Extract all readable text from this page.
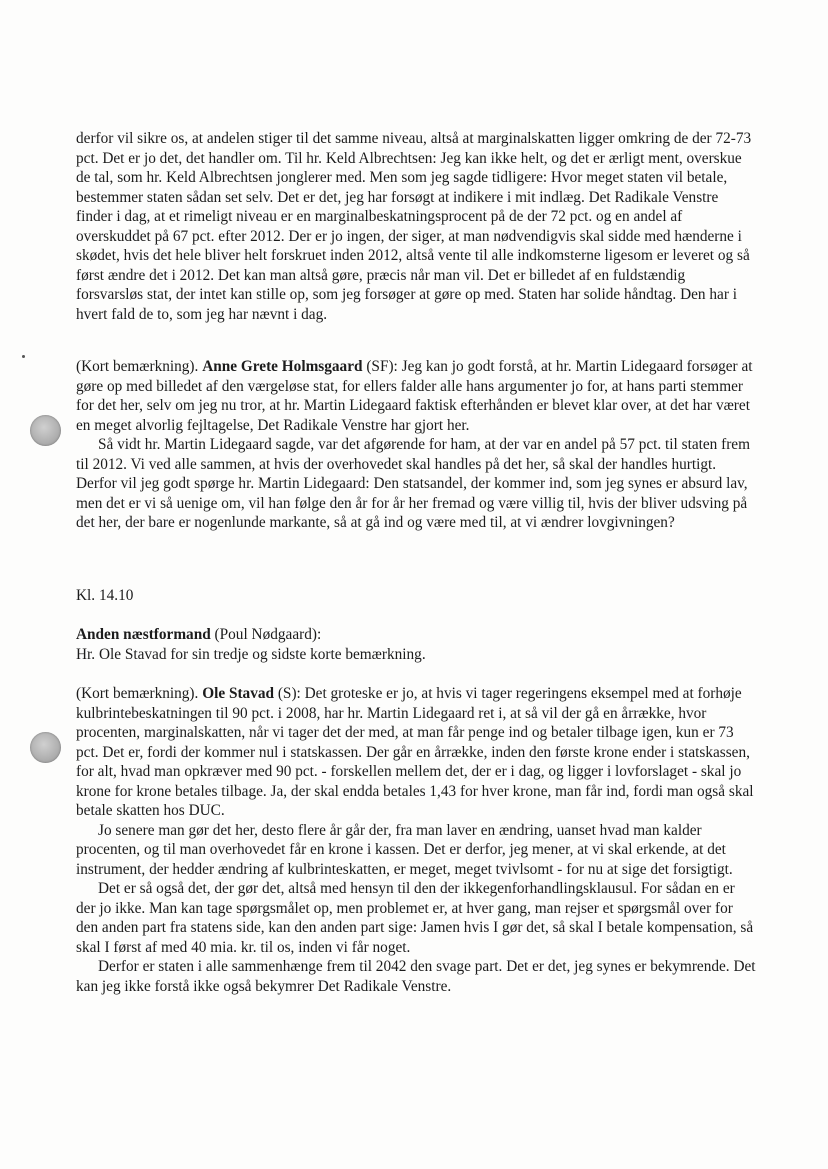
derfor vil sikre os, at andelen stiger til det samme niveau, altså at marginalskatten ligger omkring de der 72-73 pct. Det er jo det, det handler om. Til hr. Keld Albrechtsen: Jeg kan ikke helt, og det er ærligt ment, overskue de tal, som hr. Keld Albrechtsen jonglerer med. Men som jeg sagde tidligere: Hvor meget staten vil betale, bestemmer staten sådan set selv. Det er det, jeg har forsøgt at indikere i mit indlæg. Det Radikale Venstre finder i dag, at et rimeligt niveau er en marginalbeskatningsprocent på de der 72 pct. og en andel af overskuddet på 67 pct. efter 2012. Der er jo ingen, der siger, at man nødvendigvis skal sidde med hænderne i skødet, hvis det hele bliver helt forskruet inden 2012, altså vente til alle indkomsterne ligesom er leveret og så først ændre det i 2012. Det kan man altså gøre, præcis når man vil. Det er billedet af en fuldstændig forsvarsløs stat, der intet kan stille op, som jeg forsøger at gøre op med. Staten har solide håndtag. Den har i hvert fald de to, som jeg har nævnt i dag.

(Kort bemærkning). Anne Grete Holmsgaard (SF): Jeg kan jo godt forstå, at hr. Martin Lidegaard forsøger at gøre op med billedet af den værgeløse stat, for ellers falder alle hans argumenter jo for, at hans parti stemmer for det her, selv om jeg nu tror, at hr. Martin Lidegaard faktisk efterhånden er blevet klar over, at det har været en meget alvorlig fejltagelse, Det Radikale Venstre har gjort her.

Så vidt hr. Martin Lidegaard sagde, var det afgørende for ham, at der var en andel på 57 pct. til staten frem til 2012. Vi ved alle sammen, at hvis der overhovedet skal handles på det her, så skal der handles hurtigt. Derfor vil jeg godt spørge hr. Martin Lidegaard: Den statsandel, der kommer ind, som jeg synes er absurd lav, men det er vi så uenige om, vil han følge den år for år her fremad og være villig til, hvis der bliver udsving på det her, der bare er nogenlunde markante, så at gå ind og være med til, at vi ændrer lovgivningen?

Kl. 14.10

Anden næstformand (Poul Nødgaard):

Hr. Ole Stavad for sin tredje og sidste korte bemærkning.

(Kort bemærkning). Ole Stavad (S): Det groteske er jo, at hvis vi tager regeringens eksempel med at forhøje kulbrintebeskatningen til 90 pct. i 2008, har hr. Martin Lidegaard ret i, at så vil der gå en årrække, hvor procenten, marginalskatten, når vi tager det der med, at man får penge ind og betaler tilbage igen, kun er 73 pct. Det er, fordi der kommer nul i statskassen. Der går en årrække, inden den første krone ender i statskassen, for alt, hvad man opkræver med 90 pct. - forskellen mellem det, der er i dag, og ligger i lovforslaget - skal jo krone for krone betales tilbage. Ja, der skal endda betales 1,43 for hver krone, man får ind, fordi man også skal betale skatten hos DUC.

Jo senere man gør det her, desto flere år går der, fra man laver en ændring, uanset hvad man kalder procenten, og til man overhovedet får en krone i kassen. Det er derfor, jeg mener, at vi skal erkende, at det instrument, der hedder ændring af kulbrinteskatten, er meget, meget tvivlsomt - for nu at sige det forsigtigt.

Det er så også det, der gør det, altså med hensyn til den der ikkegenforhandlingsklausul. For sådan en er der jo ikke. Man kan tage spørgsmålet op, men problemet er, at hver gang, man rejser et spørgsmål over for den anden part fra statens side, kan den anden part sige: Jamen hvis I gør det, så skal I betale kompensation, så skal I først af med 40 mia. kr. til os, inden vi får noget.

Derfor er staten i alle sammenhænge frem til 2042 den svage part. Det er det, jeg synes er bekymrende. Det kan jeg ikke forstå ikke også bekymrer Det Radikale Venstre.
